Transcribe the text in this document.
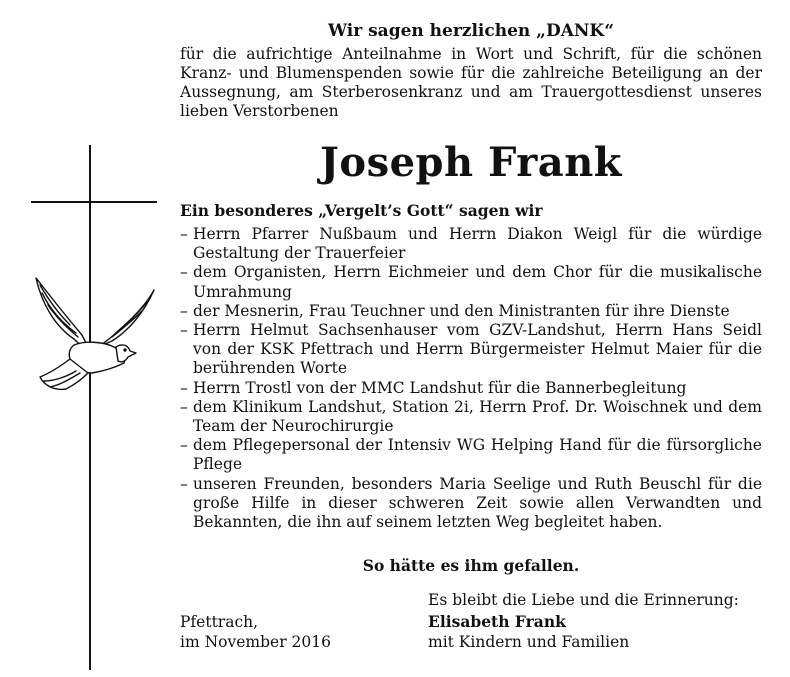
Wir sagen herzlichen „DANK“
für die aufrichtige Anteilnahme in Wort und Schrift, für die schönen Kranz- und Blumenspenden sowie für die zahlreiche Beteiligung an der Aussegnung, am Sterberosenkranz und am Trauergottesdienst unseres lieben Verstorbenen
Joseph Frank
Ein besonderes „Vergelt’s Gott“ sagen wir
– Herrn Pfarrer Nußbaum und Herrn Diakon Weigl für die würdige Gestaltung der Trauerfeier
– dem Organisten, Herrn Eichmeier und dem Chor für die musikalische Umrahmung
– der Mesnerin, Frau Teuchner und den Ministranten für ihre Dienste
– Herrn Helmut Sachsenhauser vom GZV-Landshut, Herrn Hans Seidl von der KSK Pfettrach und Herrn Bürgermeister Helmut Maier für die berührenden Worte
– Herrn Trostl von der MMC Landshut für die Bannerbegleitung
– dem Klinikum Landshut, Station 2i, Herrn Prof. Dr. Woischnek und dem Team der Neurochirurgie
– dem Pflegepersonal der Intensiv WG Helping Hand für die fürsorgliche Pflege
– unseren Freunden, besonders Maria Seelige und Ruth Beuschl für die große Hilfe in dieser schweren Zeit sowie allen Verwandten und Bekannten, die ihn auf seinem letzten Weg begleitet haben.
So hätte es ihm gefallen.
Es bleibt die Liebe und die Erinnerung:
Pfettrach,
im November 2016
Elisabeth Frank
mit Kindern und Familien
